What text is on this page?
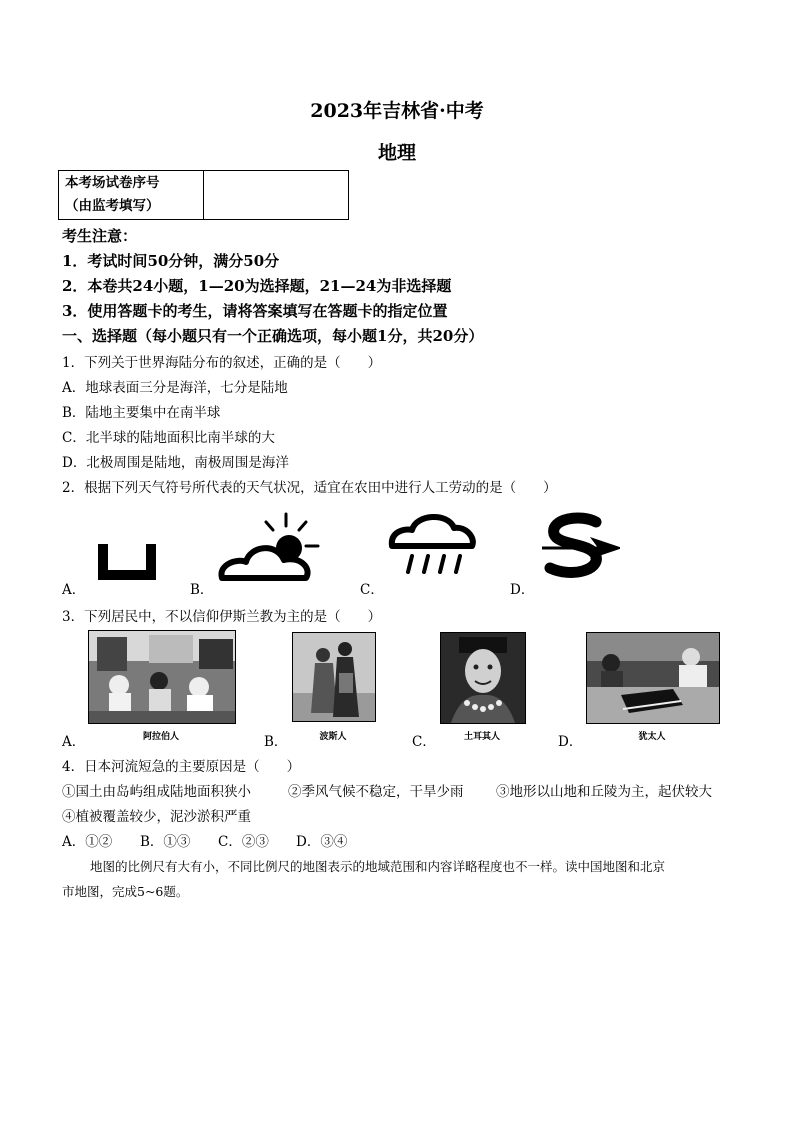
2023年吉林省·中考
地理
本考场试卷序号
（由监考填写）

考生注意：
1．考试时间50分钟，满分50分
2．本卷共24小题，1—20为选择题，21—24为非选择题
3．使用答题卡的考生，请将答案填写在答题卡的指定位置
一、选择题（每小题只有一个正确选项，每小题1分，共20分）
1．下列关于世界海陆分布的叙述，正确的是（　　）
A．地球表面三分是海洋，七分是陆地
B．陆地主要集中在南半球
C．北半球的陆地面积比南半球的大
D．北极周围是陆地，南极周围是海洋
2．根据下列天气符号所代表的天气状况，适宜在农田中进行人工劳动的是（　　）
A．	B．	C．	D．
3．下列居民中，不以信仰伊斯兰教为主的是（　　）
A．	阿拉伯人	B．	波斯人	C．	土耳其人	D．	犹太人
4．日本河流短急的主要原因是（　　）
①国土由岛屿组成陆地面积狭小	②季风气候不稳定，干旱少雨 ③地形以山地和丘陵为主，起伏较大
④植被覆盖较少，泥沙淤积严重
A．①② B．①③ C．②③ D．③④
地图的比例尺有大有小，不同比例尺的地图表示的地域范围和内容详略程度也不一样。读中国地图和北京
市地图，完成5~6题。
